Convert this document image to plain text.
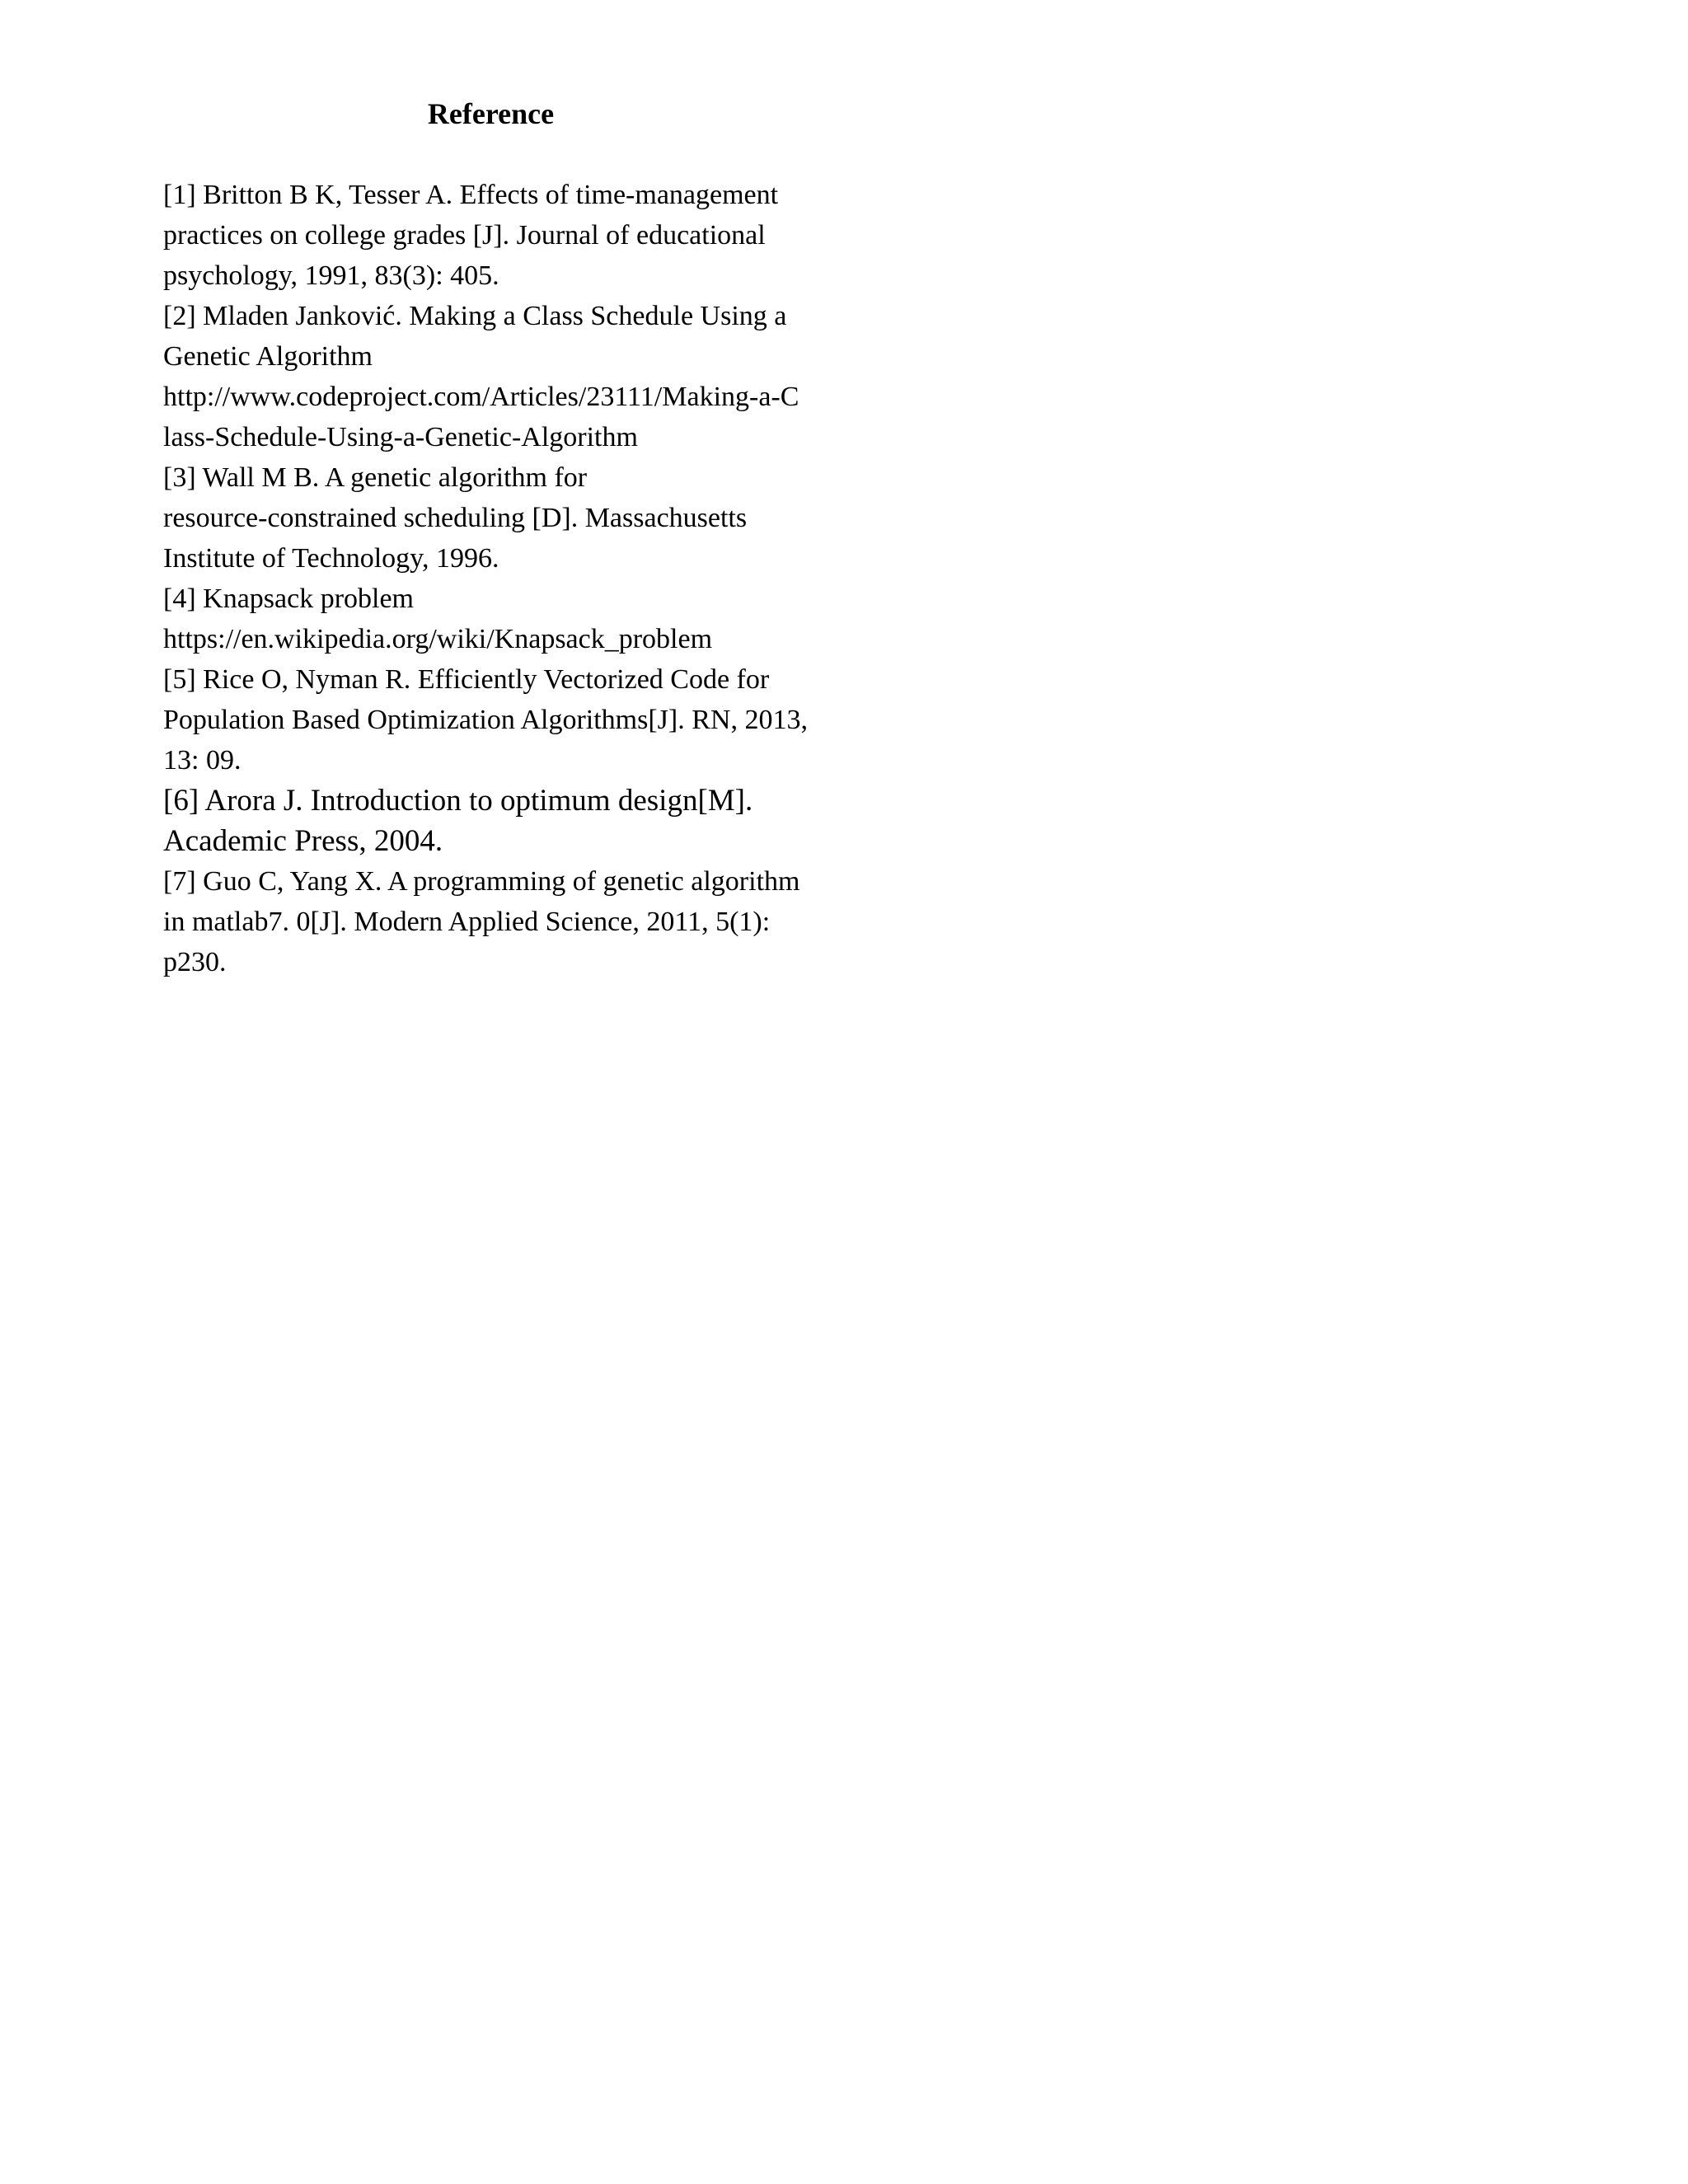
Reference
[1] Britton B K, Tesser A. Effects of time-management
practices on college grades [J]. Journal of educational
psychology, 1991, 83(3): 405.
[2] Mladen Janković. Making a Class Schedule Using a
Genetic Algorithm
http://www.codeproject.com/Articles/23111/Making-a-C
lass-Schedule-Using-a-Genetic-Algorithm
[3] Wall M B. A genetic algorithm for
resource-constrained scheduling [D]. Massachusetts
Institute of Technology, 1996.
[4] Knapsack problem
https://en.wikipedia.org/wiki/Knapsack_problem
[5] Rice O, Nyman R. Efficiently Vectorized Code for
Population Based Optimization Algorithms[J]. RN, 2013,
13: 09.
[6] Arora J. Introduction to optimum design[M].
Academic Press, 2004.
[7] Guo C, Yang X. A programming of genetic algorithm
in matlab7. 0[J]. Modern Applied Science, 2011, 5(1):
p230.
